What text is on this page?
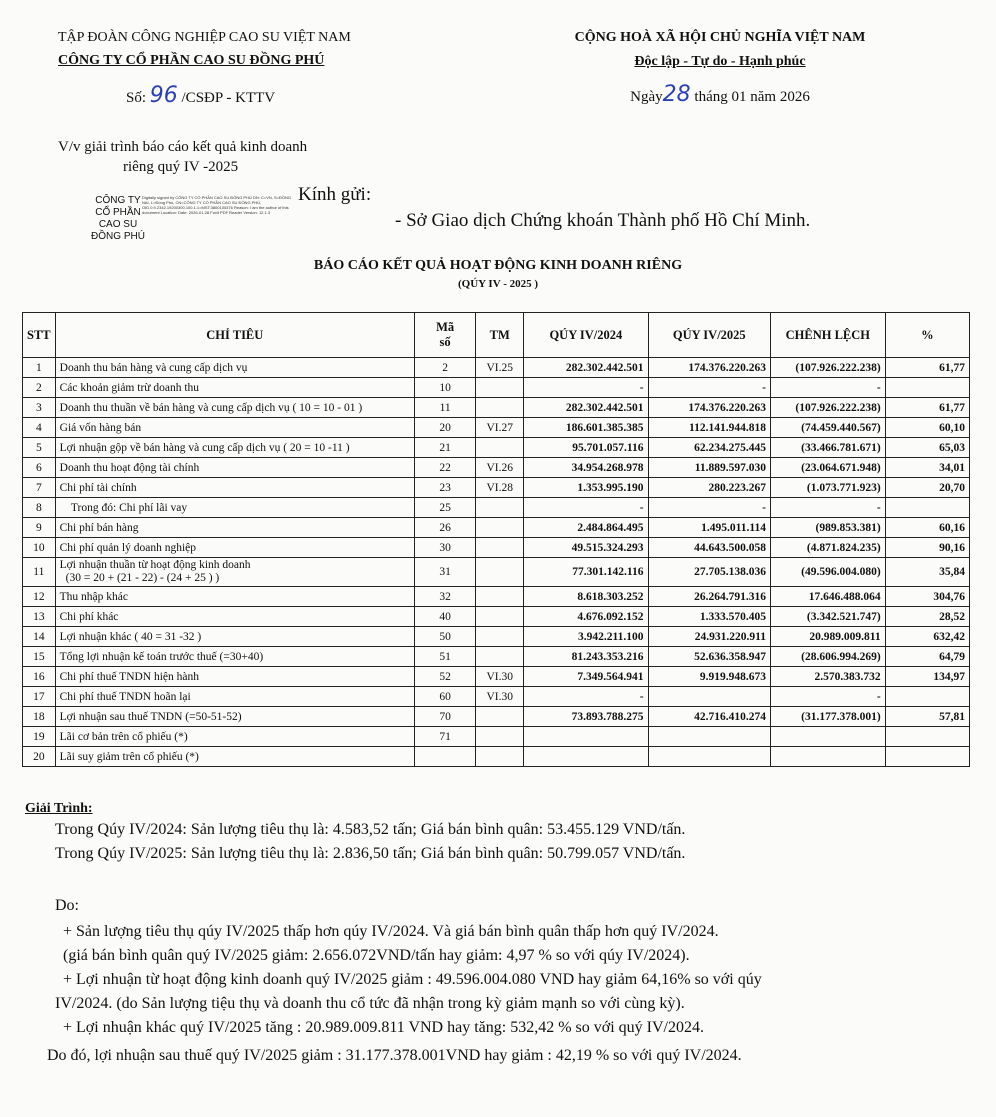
TẬP ĐOÀN CÔNG NGHIỆP CAO SU VIỆT NAM
CÔNG TY CỔ PHẦN CAO SU ĐỒNG PHÚ
Số: 96 /CSĐP - KTTV
CỘNG HOÀ XÃ HỘI CHỦ NGHĨA VIỆT NAM
Độc lập - Tự do - Hạnh phúc
Ngày28 tháng 01 năm 2026
V/v giải trình báo cáo kết quả kinh doanh
riêng quý IV -2025
CÔNG TY
CỔ PHẦN
CAO SU
ĐỒNG PHÚ
Digitally signed by CÔNG TY CỔ PHẦN CAO SU ĐỒNG PHÚ DN: C=VN, S=ĐỒNG NAI, L=Đồng Phú, CN=CÔNG TY CỔ PHẦN CAO SU ĐỒNG PHÚ, OID.0.9.2342.19200300.100.1.1=MST:3800100376 Reason: I am the author of this document Location: Date: 2026-01-28 Foxit PDF Reader Version: 12.1.3
Kính gửi:
- Sở Giao dịch Chứng khoán Thành phố Hồ Chí Minh.
BÁO CÁO KẾT QUẢ HOẠT ĐỘNG KINH DOANH RIÊNG
(QÚY IV - 2025 )
STT	CHỈ TIÊU	Mã
số	TM	QÚY IV/2024	QÚY IV/2025	CHÊNH LỆCH	%
1	Doanh thu bán hàng và cung cấp dịch vụ	2	VI.25	282.302.442.501	174.376.220.263	(107.926.222.238)	61,77
2	Các khoản giảm trừ doanh thu	10		-	-	-	
3	Doanh thu thuần về bán hàng và cung cấp dịch vụ ( 10 = 10 - 01 )	11		282.302.442.501	174.376.220.263	(107.926.222.238)	61,77
4	Giá vốn hàng bán	20	VI.27	186.601.385.385	112.141.944.818	(74.459.440.567)	60,10
5	Lợi nhuận gộp về bán hàng và cung cấp dịch vụ ( 20 = 10 -11 )	21		95.701.057.116	62.234.275.445	(33.466.781.671)	65,03
6	Doanh thu hoạt động tài chính	22	VI.26	34.954.268.978	11.889.597.030	(23.064.671.948)	34,01
7	Chi phí tài chính	23	VI.28	1.353.995.190	280.223.267	(1.073.771.923)	20,70
8	Trong đó: Chi phí lãi vay	25		-	-	-	
9	Chi phí bán hàng	26		2.484.864.495	1.495.011.114	(989.853.381)	60,16
10	Chi phí quản lý doanh nghiệp	30		49.515.324.293	44.643.500.058	(4.871.824.235)	90,16
11	Lợi nhuận thuần từ hoạt động kinh doanh
(30 = 20 + (21 - 22) - (24 + 25 ) )	31		77.301.142.116	27.705.138.036	(49.596.004.080)	35,84
12	Thu nhập khác	32		8.618.303.252	26.264.791.316	17.646.488.064	304,76
13	Chi phí khác	40		4.676.092.152	1.333.570.405	(3.342.521.747)	28,52
14	Lợi nhuận khác ( 40 = 31 -32 )	50		3.942.211.100	24.931.220.911	20.989.009.811	632,42
15	Tổng lợi nhuận kế toán trước thuế (=30+40)	51		81.243.353.216	52.636.358.947	(28.606.994.269)	64,79
16	Chi phí thuế TNDN hiện hành	52	VI.30	7.349.564.941	9.919.948.673	2.570.383.732	134,97
17	Chi phí thuế TNDN hoãn lại	60	VI.30	-		-	
18	Lợi nhuận sau thuế TNDN (=50-51-52)	70		73.893.788.275	42.716.410.274	(31.177.378.001)	57,81
19	Lãi cơ bản trên cổ phiếu (*)	71					
20	Lãi suy giảm trên cổ phiếu (*)						
Giải Trình:
Trong Qúy IV/2024: Sản lượng tiêu thụ là: 4.583,52 tấn; Giá bán bình quân: 53.455.129 VND/tấn.
Trong Qúy IV/2025: Sản lượng tiêu thụ là: 2.836,50 tấn; Giá bán bình quân: 50.799.057 VND/tấn.
Do:
+ Sản lượng tiêu thụ qúy IV/2025 thấp hơn qúy IV/2024. Và giá bán bình quân thấp hơn quý IV/2024.
(giá bán bình quân quý IV/2025 giảm: 2.656.072VND/tấn hay giảm: 4,97 % so với qúy IV/2024).
+ Lợi nhuận từ hoạt động kinh doanh quý IV/2025 giảm : 49.596.004.080 VND hay giảm 64,16% so với qúy
IV/2024. (do Sản lượng tiệu thụ và doanh thu cổ tức đã nhận trong kỳ giảm mạnh so với cùng kỳ).
+ Lợi nhuận khác quý IV/2025 tăng : 20.989.009.811 VND hay tăng: 532,42 % so với quý IV/2024.
Do đó, lợi nhuận sau thuế quý IV/2025 giảm : 31.177.378.001VND hay giảm : 42,19 % so với quý IV/2024.
